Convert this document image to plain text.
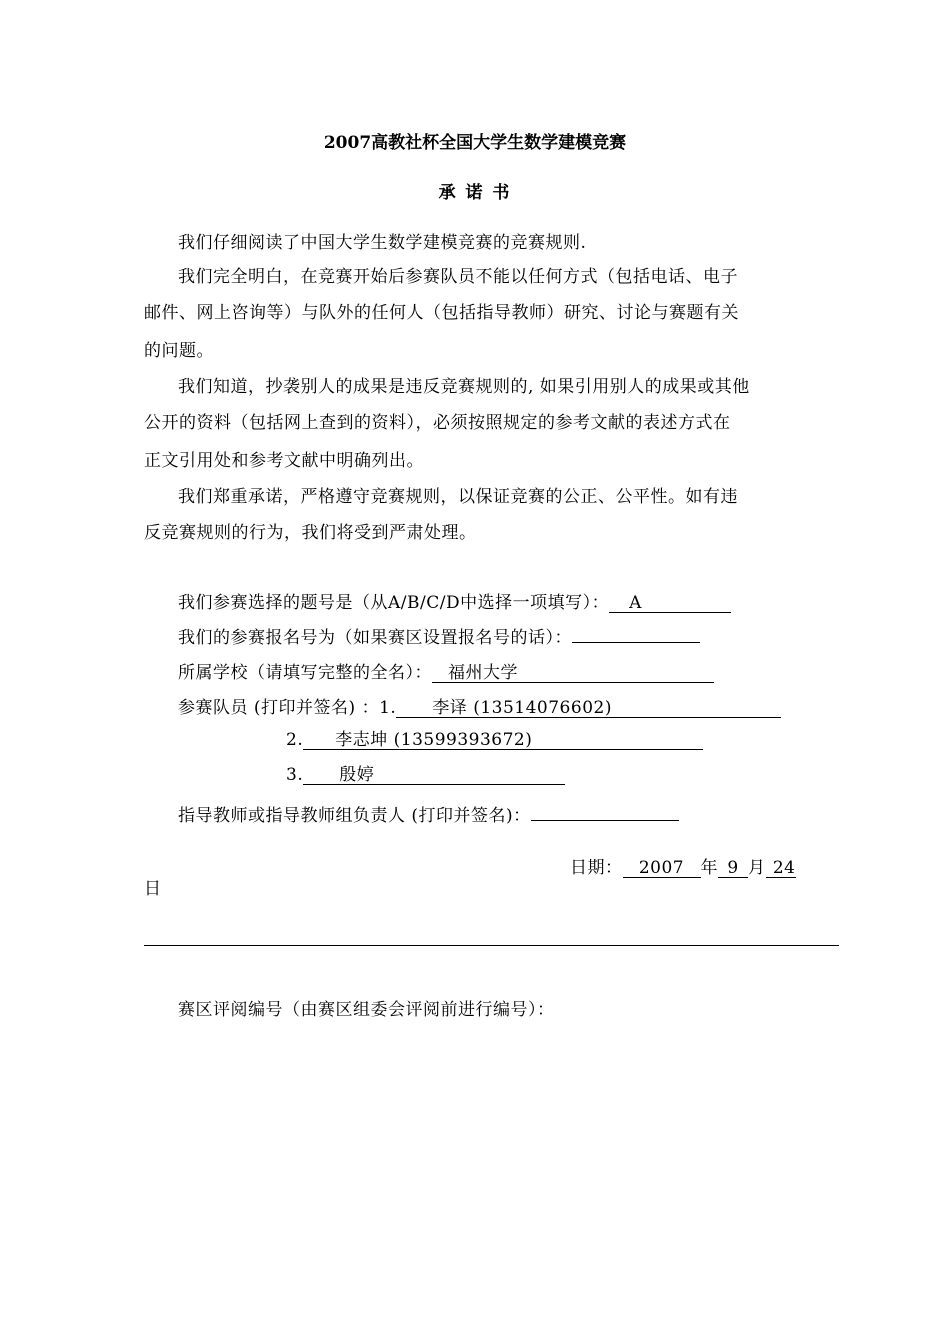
2007高教社杯全国大学生数学建模竞赛
承 诺 书
我们仔细阅读了中国大学生数学建模竞赛的竞赛规则.
我们完全明白，在竞赛开始后参赛队员不能以任何方式（包括电话、电子
邮件、网上咨询等）与队外的任何人（包括指导教师）研究、讨论与赛题有关
的问题。
我们知道，抄袭别人的成果是违反竞赛规则的, 如果引用别人的成果或其他
公开的资料（包括网上查到的资料），必须按照规定的参考文献的表述方式在
正文引用处和参考文献中明确列出。
我们郑重承诺，严格遵守竞赛规则，以保证竞赛的公正、公平性。如有违
反竞赛规则的行为，我们将受到严肃处理。
我们参赛选择的题号是（从A/B/C/D中选择一项填写）： A
我们的参赛报名号为（如果赛区设置报名号的话）：
所属学校（请填写完整的全名）： 福州大学
参赛队员 (打印并签名) ：1. 李译 (13514076602)
2. 李志坤 (13599393672)
3. 殷婷
指导教师或指导教师组负责人 (打印并签名)：
日期： 2007 年 9 月 24
日
赛区评阅编号（由赛区组委会评阅前进行编号）：
